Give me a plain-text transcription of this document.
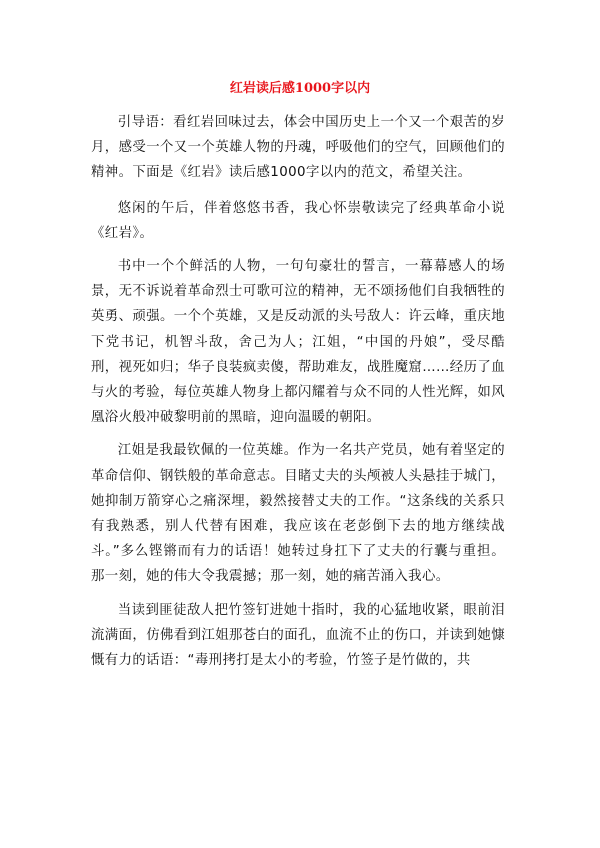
红岩读后感1000字以内

引导语：看红岩回味过去，体会中国历史上一个又一个艰苦的岁月，感受一个又一个英雄人物的丹魂，呼吸他们的空气，回顾他们的精神。下面是《红岩》读后感1000字以内的范文，希望关注。

悠闲的午后，伴着悠悠书香，我心怀崇敬读完了经典革命小说《红岩》。

书中一个个鲜活的人物，一句句豪壮的誓言，一幕幕感人的场景，无不诉说着革命烈士可歌可泣的精神，无不颂扬他们自我牺牲的英勇、顽强。一个个英雄，又是反动派的头号敌人：许云峰，重庆地下党书记，机智斗敌，舍己为人；江姐，“中国的丹娘”，受尽酷刑，视死如归；华子良装疯卖傻，帮助难友，战胜魔窟……经历了血与火的考验，每位英雄人物身上都闪耀着与众不同的人性光辉，如风凰浴火般冲破黎明前的黑暗，迎向温暖的朝阳。

江姐是我最钦佩的一位英雄。作为一名共产党员，她有着坚定的革命信仰、钢铁般的革命意志。目睹丈夫的头颅被人头悬挂于城门，她抑制万箭穿心之痛深埋，毅然接替丈夫的工作。“这条线的关系只有我熟悉，别人代替有困难，我应该在老彭倒下去的地方继续战斗。”多么铿锵而有力的话语！她转过身扛下了丈夫的行囊与重担。那一刻，她的伟大令我震撼；那一刻，她的痛苦涌入我心。

当读到匪徒敌人把竹签钉进她十指时，我的心猛地收紧，眼前泪流满面，仿佛看到江姐那苍白的面孔，血流不止的伤口，并读到她慷慨有力的话语：“毒刑拷打是太小的考验，竹签子是竹做的，共
